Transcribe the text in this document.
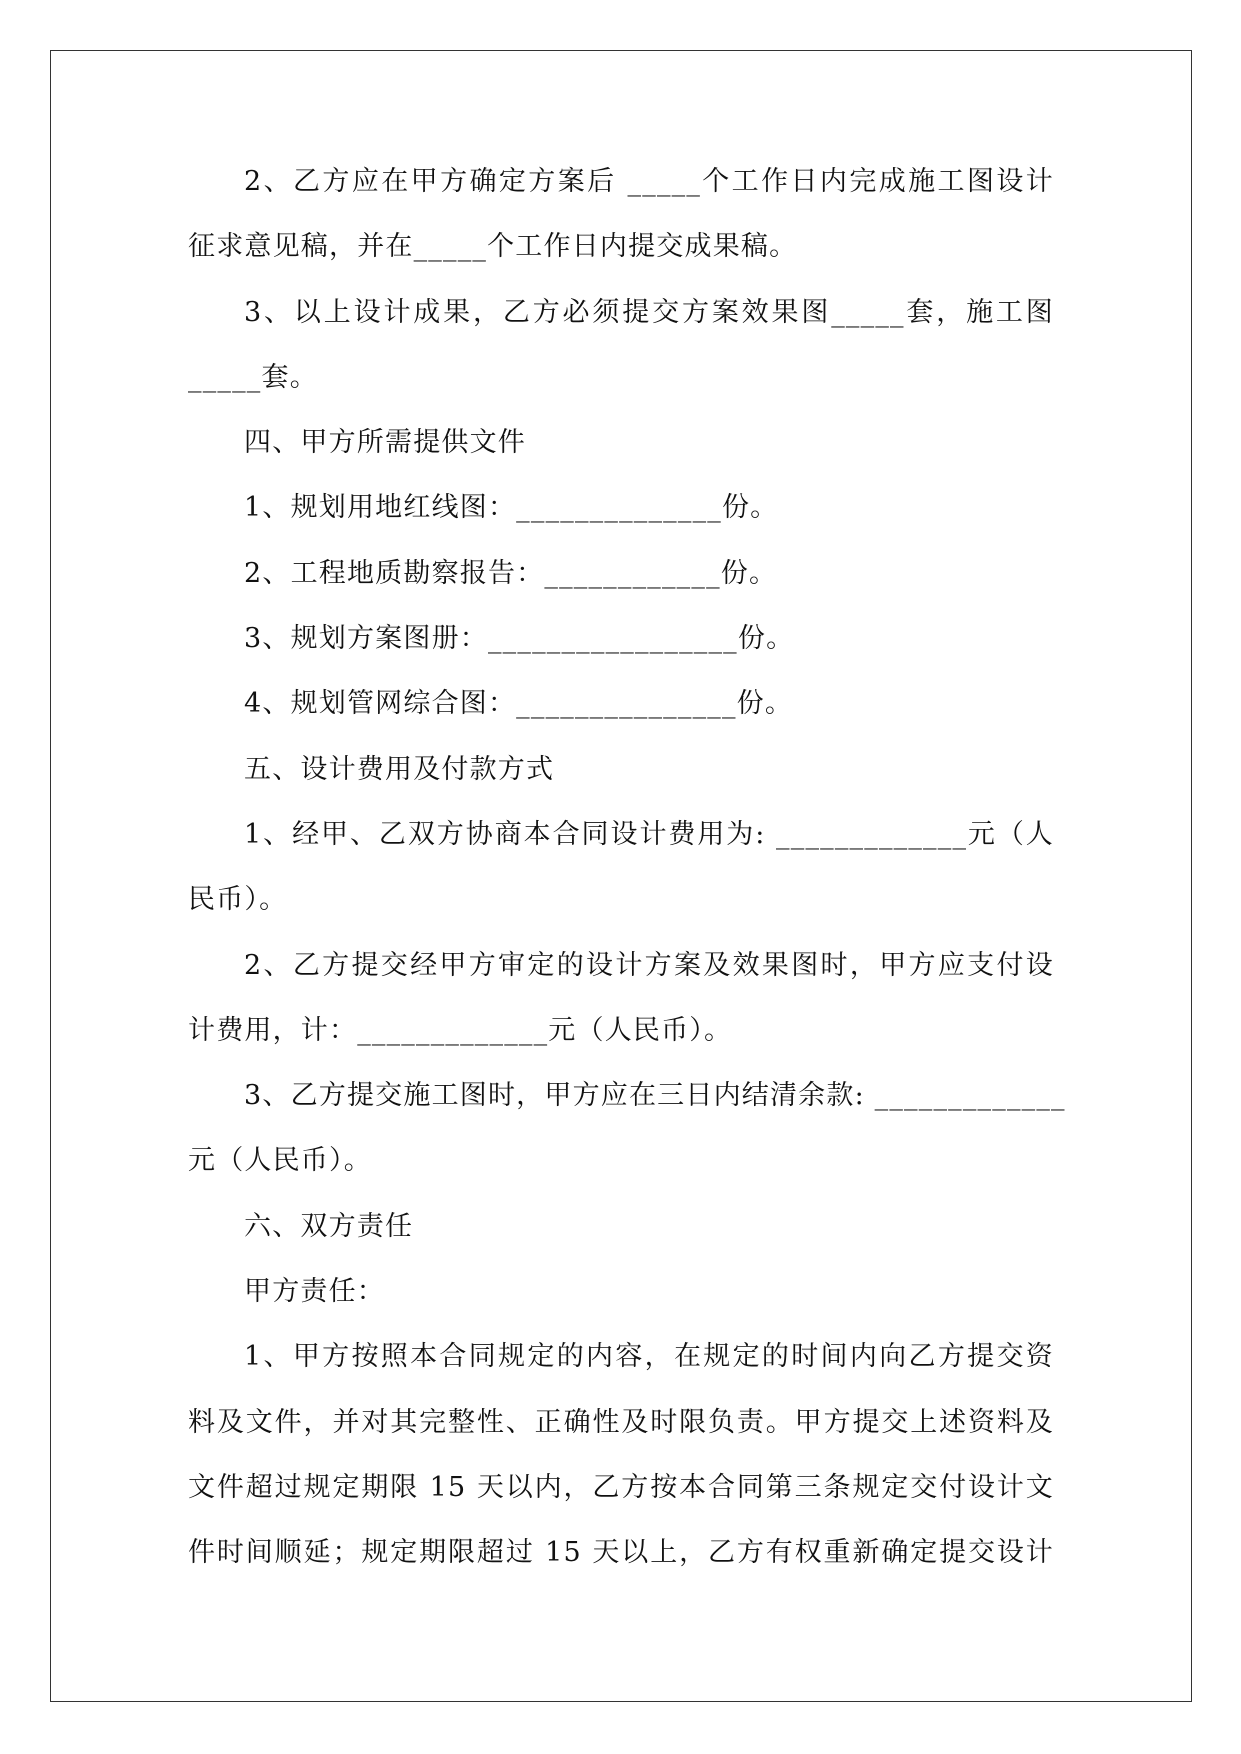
2、乙方应在甲方确定方案后 _____个工作日内完成施工图设计
征求意见稿，并在_____个工作日内提交成果稿。
3、以上设计成果，乙方必须提交方案效果图_____套，施工图
_____套。
四、甲方所需提供文件
1、规划用地红线图：______________份。
2、工程地质勘察报告：____________份。
3、规划方案图册：_________________份。
4、规划管网综合图：_______________份。
五、设计费用及付款方式
1、经甲、乙双方协商本合同设计费用为: _____________元（人
民币）。
2、乙方提交经甲方审定的设计方案及效果图时，甲方应支付设
计费用，计：_____________元（人民币）。
3、乙方提交施工图时，甲方应在三日内结清余款: _____________
元（人民币）。
六、双方责任
甲方责任：
1、甲方按照本合同规定的内容，在规定的时间内向乙方提交资
料及文件，并对其完整性、正确性及时限负责。甲方提交上述资料及
文件超过规定期限 15 天以内，乙方按本合同第三条规定交付设计文
件时间顺延；规定期限超过 15 天以上，乙方有权重新确定提交设计
